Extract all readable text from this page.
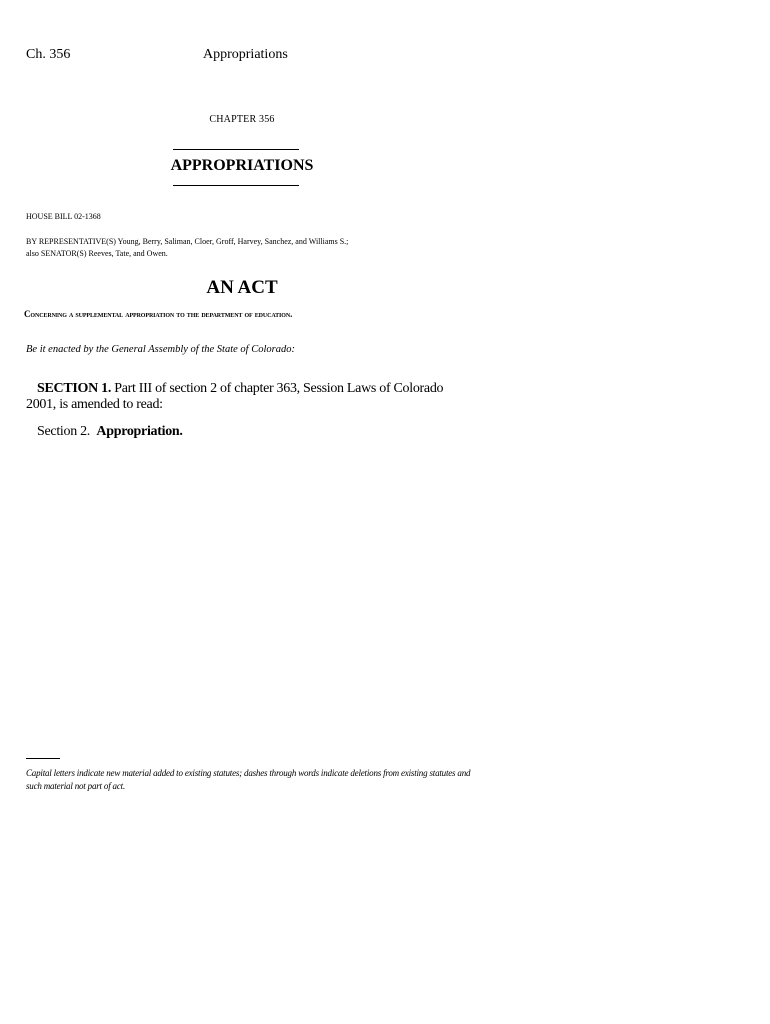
Ch. 356	Appropriations
CHAPTER 356
APPROPRIATIONS
HOUSE BILL 02-1368
BY REPRESENTATIVE(S) Young, Berry, Saliman, Cloer, Groff, Harvey, Sanchez, and Williams S.;
also SENATOR(S) Reeves, Tate, and Owen.
AN ACT
Concerning a supplemental appropriation to the department of education.
Be it enacted by the General Assembly of the State of Colorado:
SECTION 1. Part III of section 2 of chapter 363, Session Laws of Colorado 2001, is amended to read:
Section 2. Appropriation.
Capital letters indicate new material added to existing statutes; dashes through words indicate deletions from existing statutes and such material not part of act.
